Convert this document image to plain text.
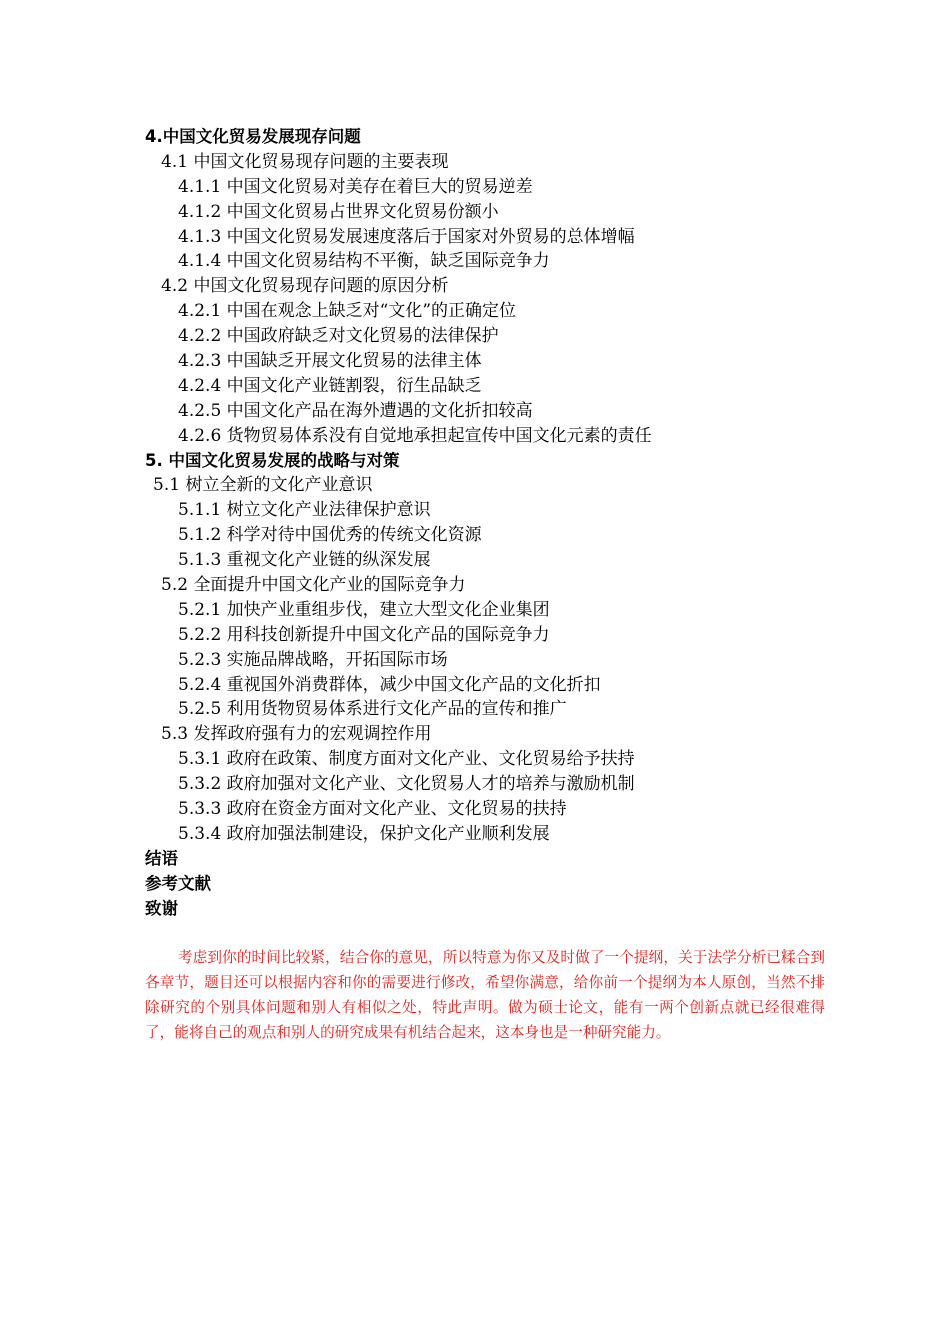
4.中国文化贸易发展现存问题
4.1 中国文化贸易现存问题的主要表现
4.1.1 中国文化贸易对美存在着巨大的贸易逆差
4.1.2 中国文化贸易占世界文化贸易份额小
4.1.3 中国文化贸易发展速度落后于国家对外贸易的总体增幅
4.1.4 中国文化贸易结构不平衡，缺乏国际竞争力
4.2 中国文化贸易现存问题的原因分析
4.2.1 中国在观念上缺乏对“文化”的正确定位
4.2.2 中国政府缺乏对文化贸易的法律保护
4.2.3 中国缺乏开展文化贸易的法律主体
4.2.4 中国文化产业链割裂，衍生品缺乏
4.2.5 中国文化产品在海外遭遇的文化折扣较高
4.2.6 货物贸易体系没有自觉地承担起宣传中国文化元素的责任
5. 中国文化贸易发展的战略与对策
5.1 树立全新的文化产业意识
5.1.1 树立文化产业法律保护意识
5.1.2 科学对待中国优秀的传统文化资源
5.1.3 重视文化产业链的纵深发展
5.2 全面提升中国文化产业的国际竞争力
5.2.1 加快产业重组步伐，建立大型文化企业集团
5.2.2 用科技创新提升中国文化产品的国际竞争力
5.2.3 实施品牌战略，开拓国际市场
5.2.4 重视国外消费群体，减少中国文化产品的文化折扣
5.2.5 利用货物贸易体系进行文化产品的宣传和推广
5.3 发挥政府强有力的宏观调控作用
5.3.1 政府在政策、制度方面对文化产业、文化贸易给予扶持
5.3.2 政府加强对文化产业、文化贸易人才的培养与激励机制
5.3.3 政府在资金方面对文化产业、文化贸易的扶持
5.3.4 政府加强法制建设，保护文化产业顺利发展
结语
参考文献
致谢
考虑到你的时间比较紧，结合你的意见，所以特意为你又及时做了一个提纲，关于法学分析已糅合到各章节，题目还可以根据内容和你的需要进行修改，希望你满意，给你前一个提纲为本人原创，当然不排除研究的个别具体问题和别人有相似之处，特此声明。做为硕士论文，能有一两个创新点就已经很难得了，能将自己的观点和别人的研究成果有机结合起来，这本身也是一种研究能力。
